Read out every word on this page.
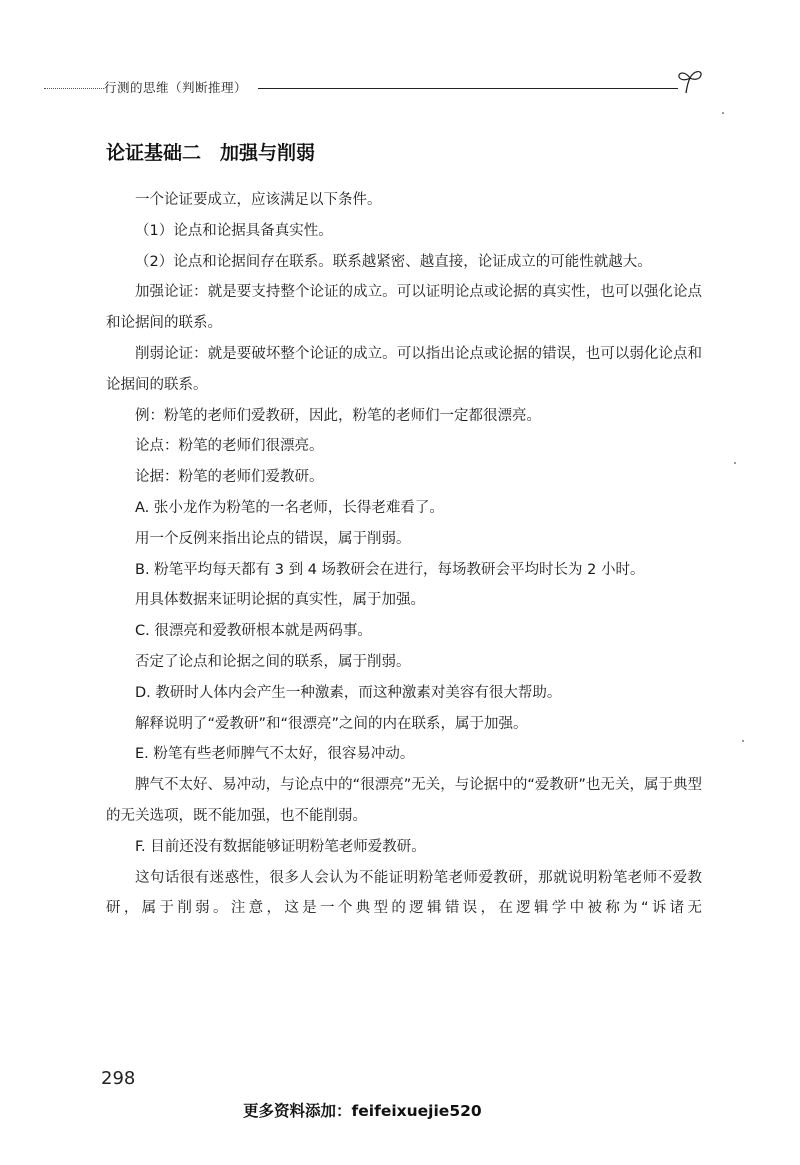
行测的思维（判断推理）
论证基础二　加强与削弱

一个论证要成立，应该满足以下条件。

（1）论点和论据具备真实性。

（2）论点和论据间存在联系。联系越紧密、越直接，论证成立的可能性就越大。

加强论证：就是要支持整个论证的成立。可以证明论点或论据的真实性，也可以强化论点和论据间的联系。

削弱论证：就是要破坏整个论证的成立。可以指出论点或论据的错误，也可以弱化论点和论据间的联系。

例：粉笔的老师们爱教研，因此，粉笔的老师们一定都很漂亮。

论点：粉笔的老师们很漂亮。

论据：粉笔的老师们爱教研。

A. 张小龙作为粉笔的一名老师，长得老难看了。

用一个反例来指出论点的错误，属于削弱。

B. 粉笔平均每天都有 3 到 4 场教研会在进行，每场教研会平均时长为 2 小时。

用具体数据来证明论据的真实性，属于加强。

C. 很漂亮和爱教研根本就是两码事。

否定了论点和论据之间的联系，属于削弱。

D. 教研时人体内会产生一种激素，而这种激素对美容有很大帮助。

解释说明了“爱教研”和“很漂亮”之间的内在联系，属于加强。

E. 粉笔有些老师脾气不太好，很容易冲动。

脾气不太好、易冲动，与论点中的“很漂亮”无关，与论据中的“爱教研”也无关，属于典型的无关选项，既不能加强，也不能削弱。

F. 目前还没有数据能够证明粉笔老师爱教研。

这句话很有迷惑性，很多人会认为不能证明粉笔老师爱教研，那就说明粉笔老师不爱教研，属于削弱。注意，这是一个典型的逻辑错误，在逻辑学中被称为“诉诸无

298
更多资料添加：feifeixuejie520
